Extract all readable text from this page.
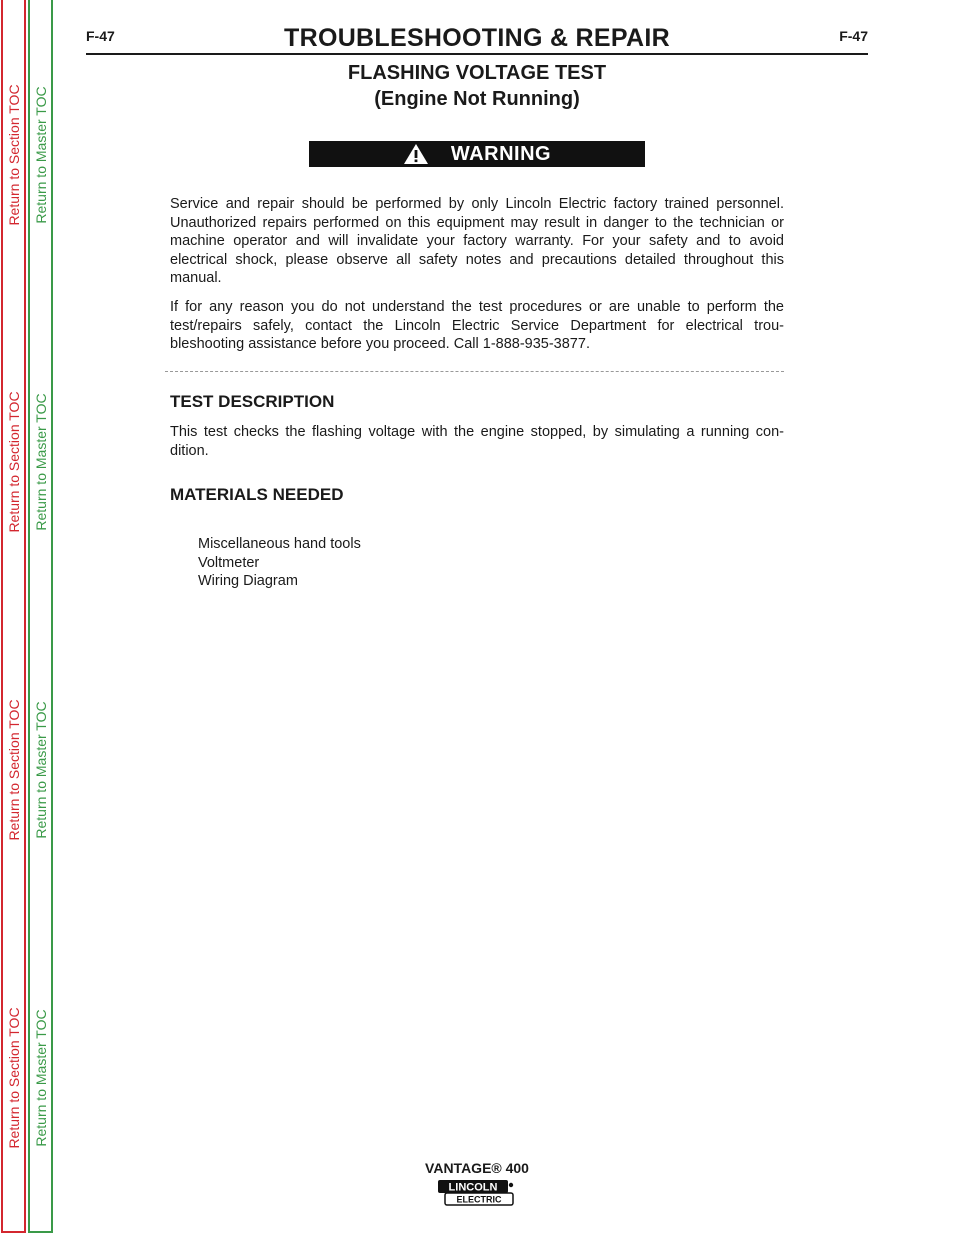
Return to Section TOC
Return to Section TOC
Return to Section TOC
Return to Section TOC
Return to Master TOC
Return to Master TOC
Return to Master TOC
Return to Master TOC
F-47	F-47
TROUBLESHOOTING & REPAIR
FLASHING VOLTAGE TEST
(Engine Not Running)
WARNING
Service and repair should be performed by only Lincoln Electric factory trained personnel. Unauthorized repairs performed on this equipment may result in danger to the technician or machine operator and will invalidate your factory warranty. For your safety and to avoid electrical shock, please observe all safety notes and precautions detailed throughout this manual.
If for any reason you do not understand the test procedures or are unable to perform the test/repairs safely, contact the Lincoln Electric Service Department for electrical trou-bleshooting assistance before you proceed. Call 1-888-935-3877.
TEST DESCRIPTION
This test checks the flashing voltage with the engine stopped, by simulating a running con-dition.
MATERIALS NEEDED
Miscellaneous hand tools
Voltmeter
Wiring Diagram
VANTAGE® 400
LINCOLN
ELECTRIC
